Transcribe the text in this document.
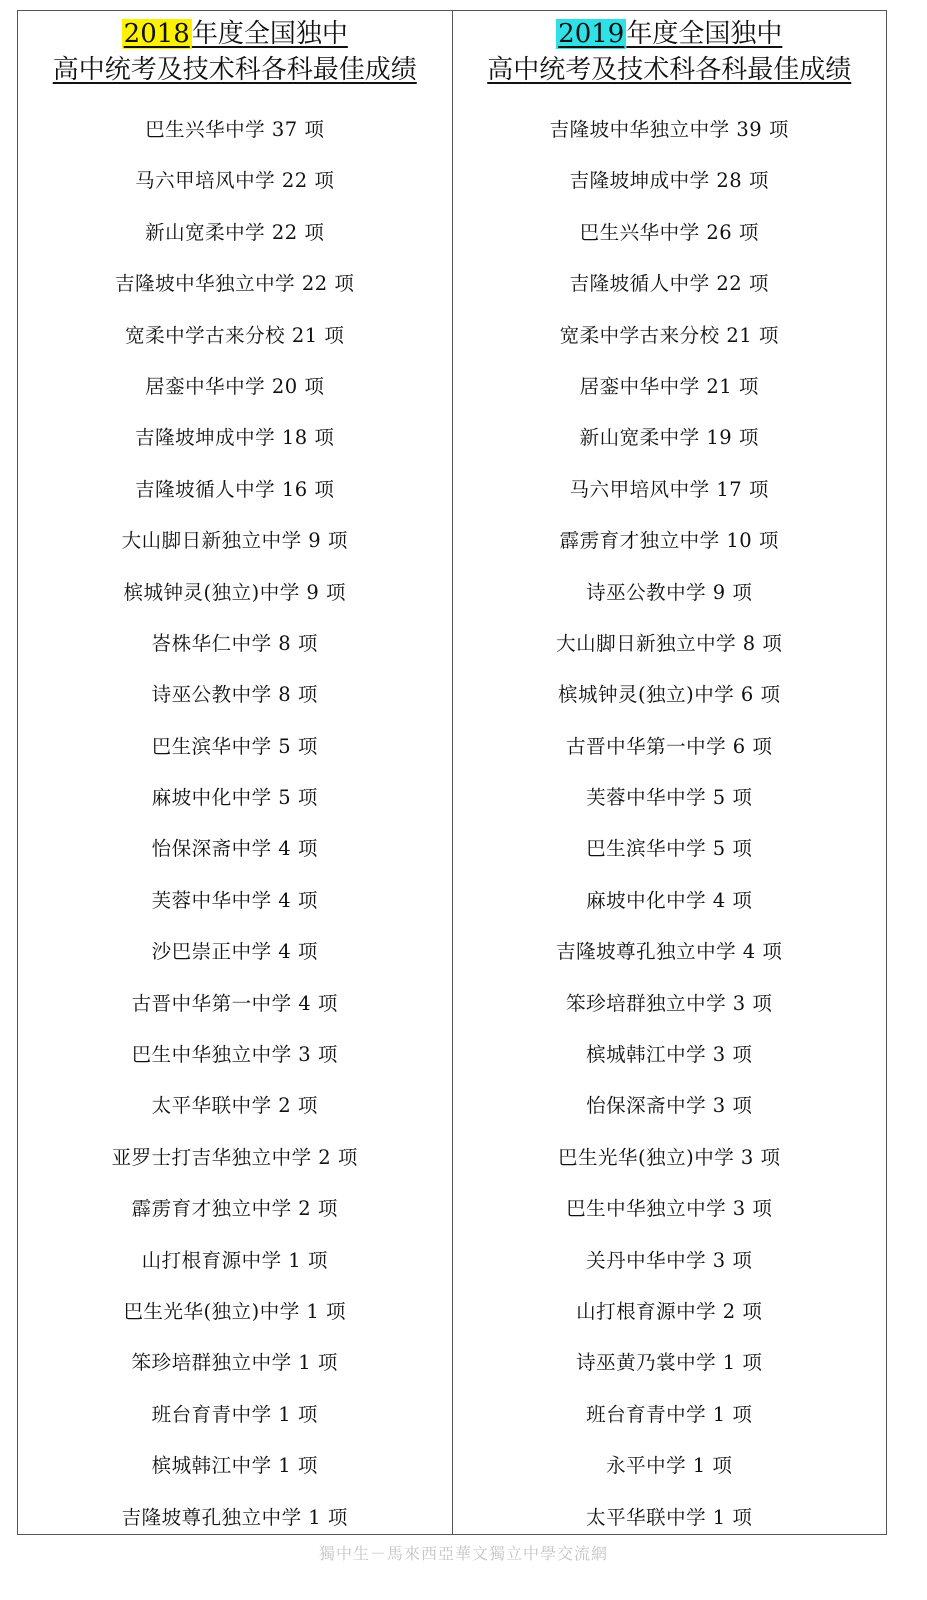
2018年度全国独中
高中统考及技术科各科最佳成绩
巴生兴华中学 37 项
马六甲培风中学 22 项
新山宽柔中学 22 项
吉隆坡中华独立中学 22 项
宽柔中学古来分校 21 项
居銮中华中学 20 项
吉隆坡坤成中学 18 项
吉隆坡循人中学 16 项
大山脚日新独立中学 9 项
槟城钟灵(独立)中学 9 项
峇株华仁中学 8 项
诗巫公教中学 8 项
巴生滨华中学 5 项
麻坡中化中学 5 项
怡保深斋中学 4 项
芙蓉中华中学 4 项
沙巴崇正中学 4 项
古晋中华第一中学 4 项
巴生中华独立中学 3 项
太平华联中学 2 项
亚罗士打吉华独立中学 2 项
霹雳育才独立中学 2 项
山打根育源中学 1 项
巴生光华(独立)中学 1 项
笨珍培群独立中学 1 项
班台育青中学 1 项
槟城韩江中学 1 项
吉隆坡尊孔独立中学 1 项
2019年度全国独中
高中统考及技术科各科最佳成绩
吉隆坡中华独立中学 39 项
吉隆坡坤成中学 28 项
巴生兴华中学 26 项
吉隆坡循人中学 22 项
宽柔中学古来分校 21 项
居銮中华中学 21 项
新山宽柔中学 19 项
马六甲培风中学 17 项
霹雳育才独立中学 10 项
诗巫公教中学 9 项
大山脚日新独立中学 8 项
槟城钟灵(独立)中学 6 项
古晋中华第一中学 6 项
芙蓉中华中学 5 项
巴生滨华中学 5 项
麻坡中化中学 4 项
吉隆坡尊孔独立中学 4 项
笨珍培群独立中学 3 项
槟城韩江中学 3 项
怡保深斋中学 3 项
巴生光华(独立)中学 3 项
巴生中华独立中学 3 项
关丹中华中学 3 项
山打根育源中学 2 项
诗巫黄乃裳中学 1 项
班台育青中学 1 项
永平中学 1 项
太平华联中学 1 项
獨中生－馬來西亞華文獨立中學交流網
